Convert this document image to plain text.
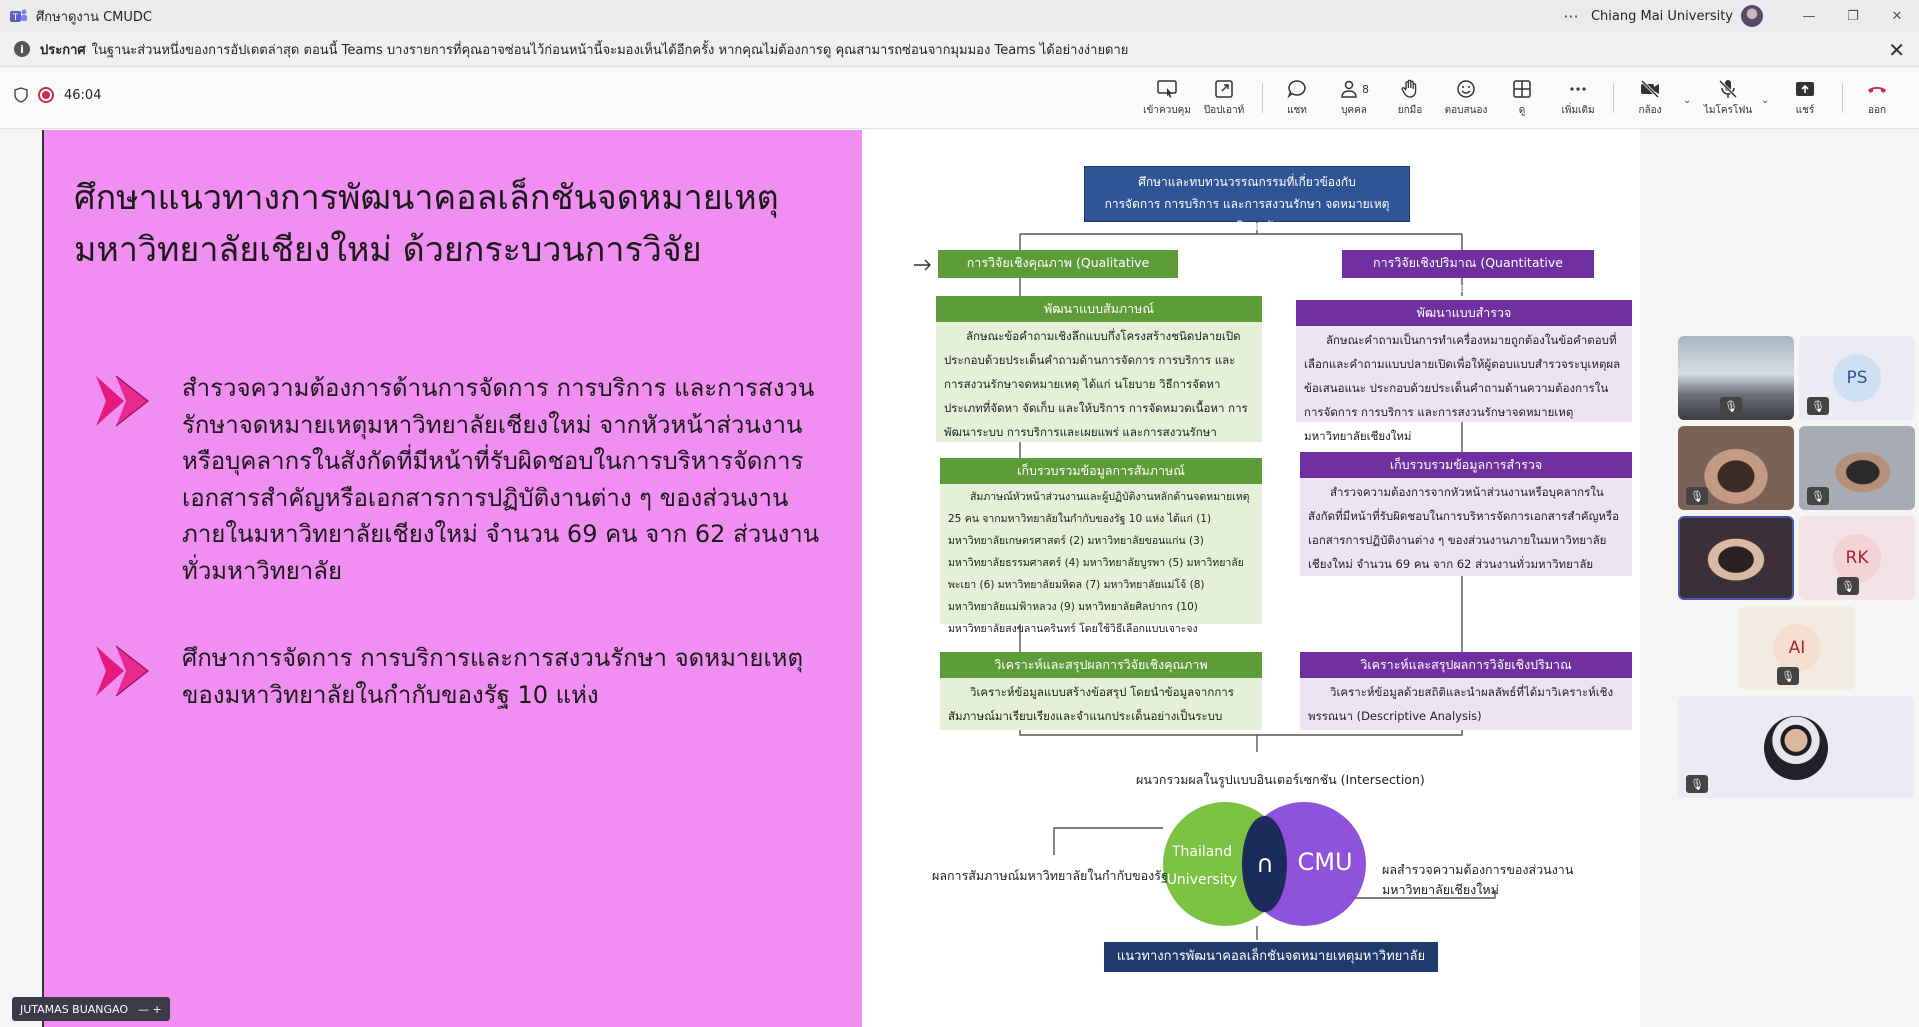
T ศึกษาดูงาน CMUDC	··· Chiang Mai University	—	❐	✕
i	ประกาศ ในฐานะส่วนหนึ่งของการอัปเดตล่าสุด ตอนนี้ Teams บางรายการที่คุณอาจซ่อนไว้ก่อนหน้านี้จะมองเห็นได้อีกครั้ง หากคุณไม่ต้องการดู คุณสามารถซ่อนจากมุมมอง Teams ได้อย่างง่ายดาย	✕
46:04
เข้าควบคุม ป๊อปเอาท์	แชท
8
บุคคล	ยกมือ ตอบสนอง	ดู	เพิ่มเติม	กล้อง
⌄
ไมโครโฟน
⌄
แชร์	ออก
ศึกษาแนวทางการพัฒนาคอลเล็กชันจดหมายเหตุ มหาวิทยาลัยเชียงใหม่ ด้วยกระบวนการวิจัย

สำรวจความต้องการด้านการจัดการ การบริการ และการสงวนรักษาจดหมายเหตุมหาวิทยาลัยเชียงใหม่ จากหัวหน้าส่วนงานหรือบุคลากรในสังกัดที่มีหน้าที่รับผิดชอบในการบริหารจัดการเอกสารสำคัญหรือเอกสารการปฏิบัติงานต่าง ๆ ของส่วนงานภายในมหาวิทยาลัยเชียงใหม่ จำนวน 69 คน จาก 62 ส่วนงานทั่วมหาวิทยาลัย

ศึกษาการจัดการ การบริการและการสงวนรักษา จดหมายเหตุของมหาวิทยาลัยในกำกับของรัฐ 10 แห่ง

ศึกษาและทบทวนวรรณกรรมที่เกี่ยวข้องกับ
การจัดการ การบริการ และการสงวนรักษา จดหมายเหตุมหาวิทยาลัย
การวิจัยเชิงคุณภาพ (Qualitative Research)
การวิจัยเชิงปริมาณ (Quantitative Research)
พัฒนาแบบสัมภาษณ์
ลักษณะข้อคำถามเชิงลึกแบบกึ่งโครงสร้างชนิดปลายเปิด ประกอบด้วยประเด็นคำถามด้านการจัดการ การบริการ และการสงวนรักษาจดหมายเหตุ ได้แก่ นโยบาย วิธีการจัดหา ประเภทที่จัดหา จัดเก็บ และให้บริการ การจัดหมวดเนื้อหา การพัฒนาระบบ การบริการและเผยแพร่ และการสงวนรักษา
เก็บรวบรวมข้อมูลการสัมภาษณ์
สัมภาษณ์หัวหน้าส่วนงานและผู้ปฏิบัติงานหลักด้านจดหมายเหตุ 25 คน จากมหาวิทยาลัยในกำกับของรัฐ 10 แห่ง ได้แก่ (1) มหาวิทยาลัยเกษตรศาสตร์ (2) มหาวิทยาลัยขอนแก่น (3) มหาวิทยาลัยธรรมศาสตร์ (4) มหาวิทยาลัยบูรพา (5) มหาวิทยาลัยพะเยา (6) มหาวิทยาลัยมหิดล (7) มหาวิทยาลัยแม่โจ้ (8) มหาวิทยาลัยแม่ฟ้าหลวง (9) มหาวิทยาลัยศิลปากร (10) มหาวิทยาลัยสงขลานครินทร์ โดยใช้วิธีเลือกแบบเจาะจง
วิเคราะห์และสรุปผลการวิจัยเชิงคุณภาพ
วิเคราะห์ข้อมูลแบบสร้างข้อสรุป โดยนำข้อมูลจากการสัมภาษณ์มาเรียบเรียงและจำแนกประเด็นอย่างเป็นระบบ
พัฒนาแบบสำรวจ
ลักษณะคำถามเป็นการทำเครื่องหมายถูกต้องในข้อคำตอบที่เลือกและคำถามแบบปลายเปิดเพื่อให้ผู้ตอบแบบสำรวจระบุเหตุผล ข้อเสนอแนะ ประกอบด้วยประเด็นคำถามด้านความต้องการในการจัดการ การบริการ และการสงวนรักษาจดหมายเหตุมหาวิทยาลัยเชียงใหม่
เก็บรวบรวมข้อมูลการสำรวจ
สำรวจความต้องการจากหัวหน้าส่วนงานหรือบุคลากรในสังกัดที่มีหน้าที่รับผิดชอบในการบริหารจัดการเอกสารสำคัญหรือเอกสารการปฏิบัติงานต่าง ๆ ของส่วนงานภายในมหาวิทยาลัยเชียงใหม่ จำนวน 69 คน จาก 62 ส่วนงานทั่วมหาวิทยาลัย
วิเคราะห์และสรุปผลการวิจัยเชิงปริมาณ
วิเคราะห์ข้อมูลด้วยสถิติและนำผลลัพธ์ที่ได้มาวิเคราะห์เชิงพรรณนา (Descriptive Analysis)
ผนวกรวมผลในรูปแบบอินเตอร์เซกชัน (Intersection)
Thailand
University
∩ CMU
ผลการสัมภาษณ์มหาวิทยาลัยในกำกับของรัฐ	ผลสำรวจความต้องการของส่วนงานมหาวิทยาลัยเชียงใหม่
แนวทางการพัฒนาคอลเล็กชันจดหมายเหตุมหาวิทยาลัยเชียงใหม่
JUTAMAS BUANGAO — +
🎙︎
PS
🎙︎
🎙︎	🎙︎
RK
🎙︎
AI
🎙︎
🎙︎
